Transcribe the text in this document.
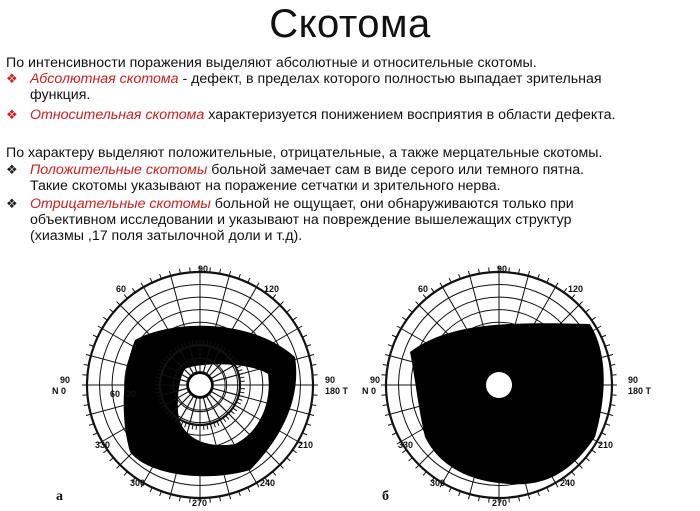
Скотома
По интенсивности поражения выделяют абсолютные и относительные скотомы.
❖ Абсолютная скотома - дефект, в пределах которого полностью выпадает зрительная
функция.
❖ Относительная скотома характеризуется понижением восприятия в области дефекта.
По характеру выделяют положительные, отрицательные, а также мерцательные скотомы.
❖ Положительные скотомы больной замечает сам в виде серого или темного пятна.
Такие скотомы указывают на поражение сетчатки и зрительного нерва.
❖ Отрицательные скотомы больной не ощущает, они обнаруживаются только при
объективном исследовании и указывают на повреждение вышележащих структур
(хиазмы ,17 поля затылочной доли и т.д).
90
60	120
90
N 0
90
180 T
330	210
300	240
270
30
60
а
90
60	120
90
N 0
90
180 T
330	210
300	240
270
б
